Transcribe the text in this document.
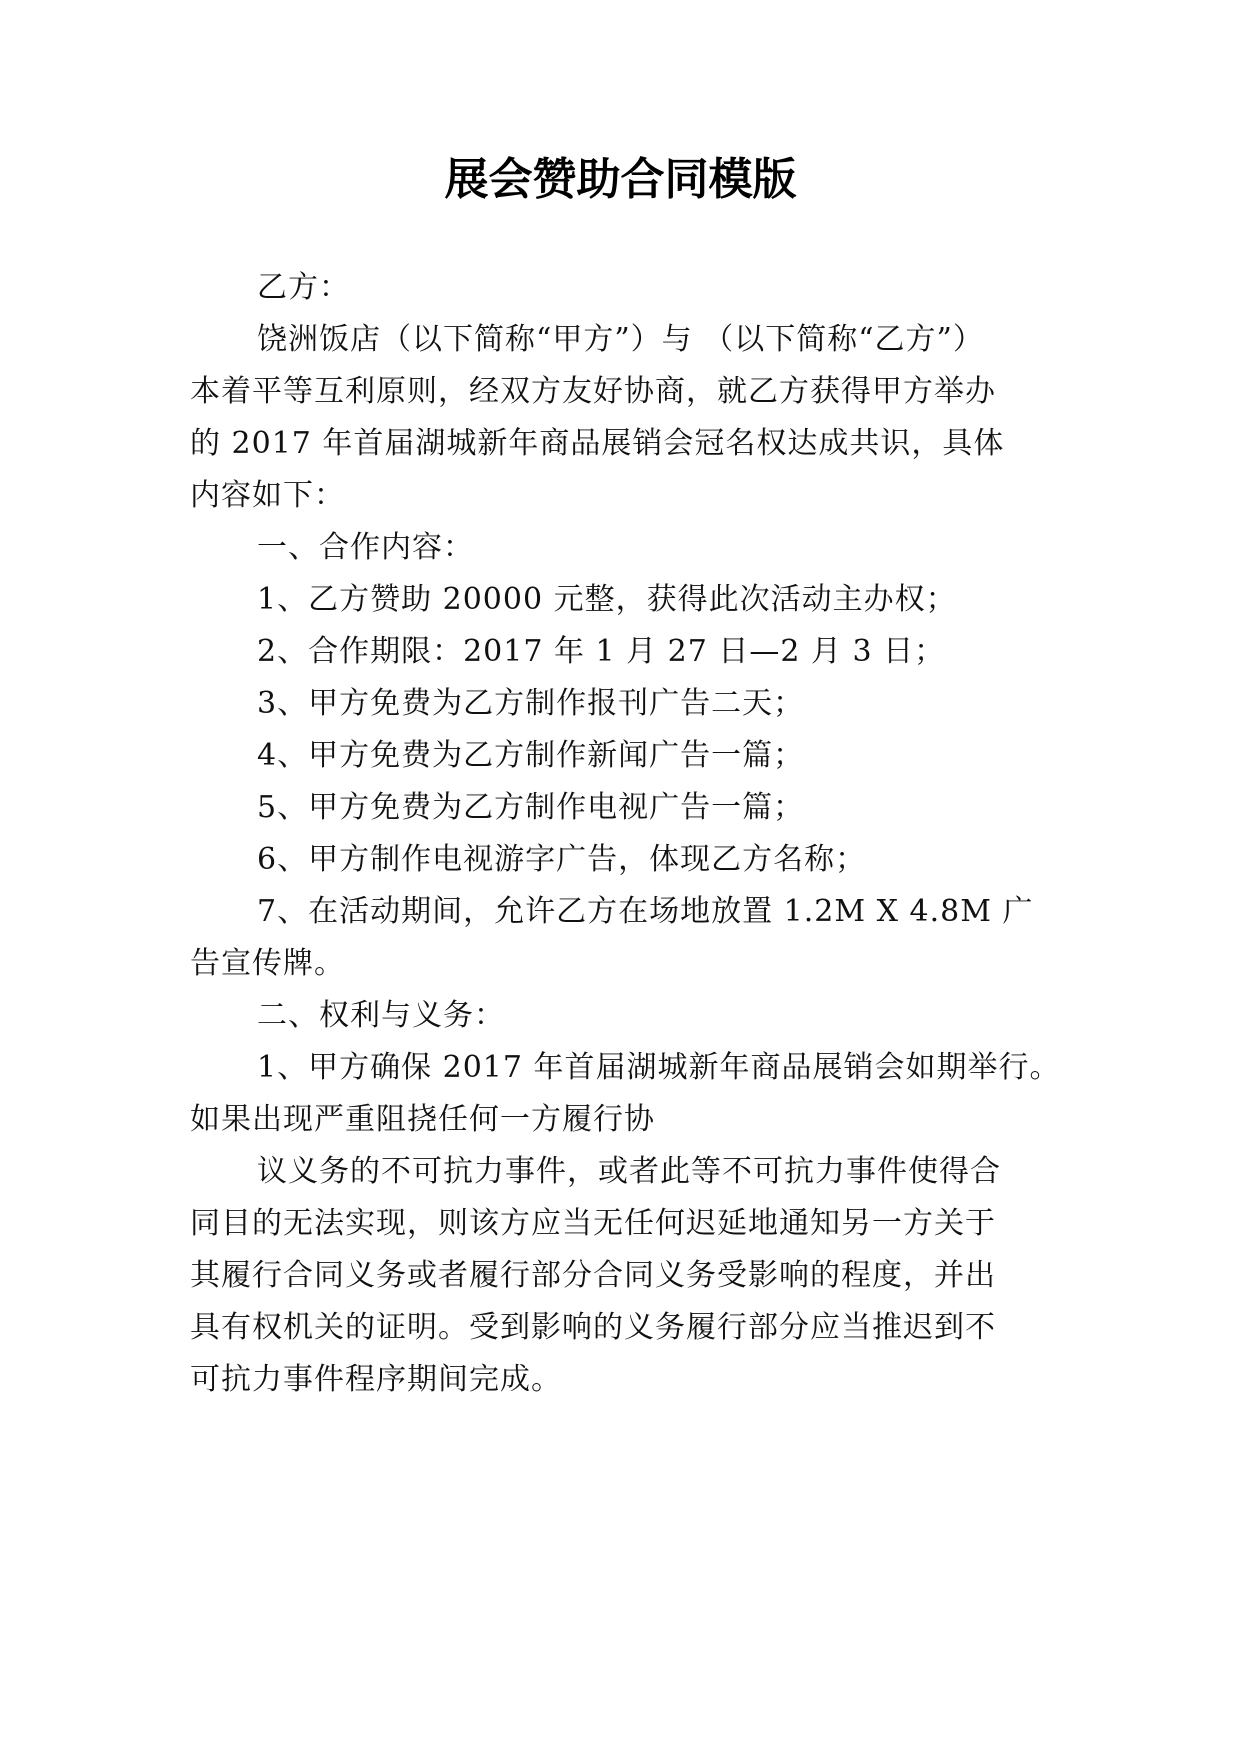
展会赞助合同模版

乙方：

饶洲饭店（以下简称“甲方”）与 （以下简称“乙方”）

本着平等互利原则，经双方友好协商，就乙方获得甲方举办

的 2017 年首届湖城新年商品展销会冠名权达成共识，具体

内容如下：

一、合作内容：

1、乙方赞助 20000 元整，获得此次活动主办权；

2、合作期限：2017 年 1 月 27 日—2 月 3 日；

3、甲方免费为乙方制作报刊广告二天；

4、甲方免费为乙方制作新闻广告一篇；

5、甲方免费为乙方制作电视广告一篇；

6、甲方制作电视游字广告，体现乙方名称；

7、在活动期间，允许乙方在场地放置 1.2M X 4.8M 广

告宣传牌。

二、权利与义务：

1、甲方确保 2017 年首届湖城新年商品展销会如期举行。

如果出现严重阻挠任何一方履行协

议义务的不可抗力事件，或者此等不可抗力事件使得合

同目的无法实现，则该方应当无任何迟延地通知另一方关于

其履行合同义务或者履行部分合同义务受影响的程度，并出

具有权机关的证明。受到影响的义务履行部分应当推迟到不

可抗力事件程序期间完成。
